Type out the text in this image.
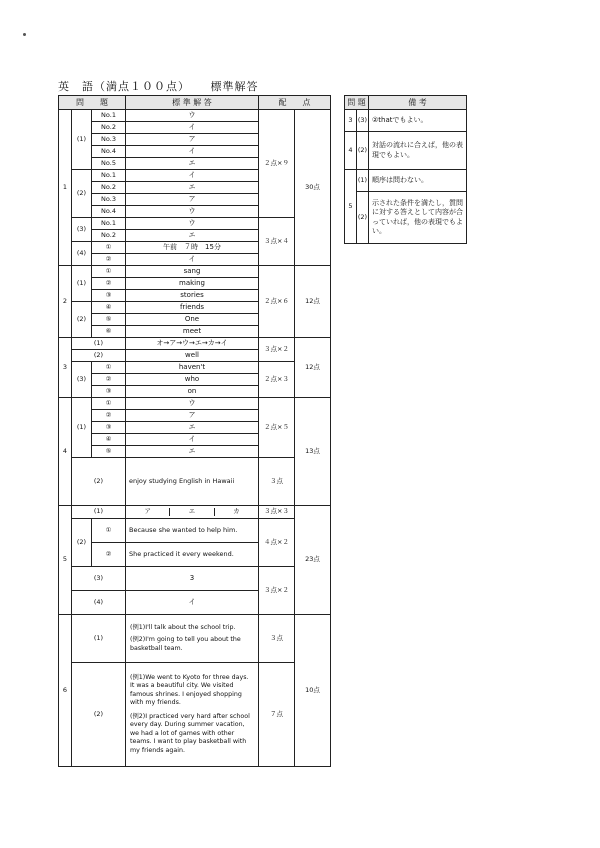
英　語（満点１００点） 標準解答
問　　題			標 準 解 答	配　　点	
1	(1)	No.1	ウ	２点×９	30点
		No.2	イ		
		No.3	ア		
		No.4	イ		
		No.5	エ		
	(2)	No.1	イ		
		No.2	エ		
		No.3	ア		
		No.4	ウ		
	(3)	No.1	ウ	３点×４	
		No.2	エ		
	(4)	①	午前　７時　15分		
		②	イ		
2	(1)	①	sang	２点×６	12点
		②	making		
		③	stories		
	(2)	④	friends		
		⑤	One		
		⑥	meet		
3	(1)		オ→ア→ウ→エ→カ→イ	３点×２	12点
	(2)		well		
	(3)	①	haven't	２点×３	
		②	who		
		③	on		
4	(1)	①	ウ	２点×５	13点
		②	ア		
		③	エ		
		④	イ		
		⑤	エ		
	(2)		enjoy studying English in Hawaii	３点	
5	(1)		ア エ カ	３点×３	23点
	(2)	①	Because she wanted to help him.	４点×２	
		②	She practiced it every weekend.		
	(3)		3	３点×２	
	(4)		イ		
6	(1)		(例1)I'll talk about the school trip.
(例2)I'm going to tell you about the basketball team.	３点	10点
	(2)		(例1)We went to Kyoto for three days. It was a beautiful city. We visited famous shrines. I enjoyed shopping with my friends.
(例2)I practiced very hard after school every day. During summer vacation, we had a lot of games with other teams. I want to play basketball with my friends again.	７点	
問 題		備 考
3	(3)	②thatでもよい。
4	(2)	対話の流れに合えば，他の表現でもよい。
5	(1)	順序は問わない。
	(2)	示された条件を満たし，質問に対する答えとして内容が合っていれば，他の表現でもよい。
